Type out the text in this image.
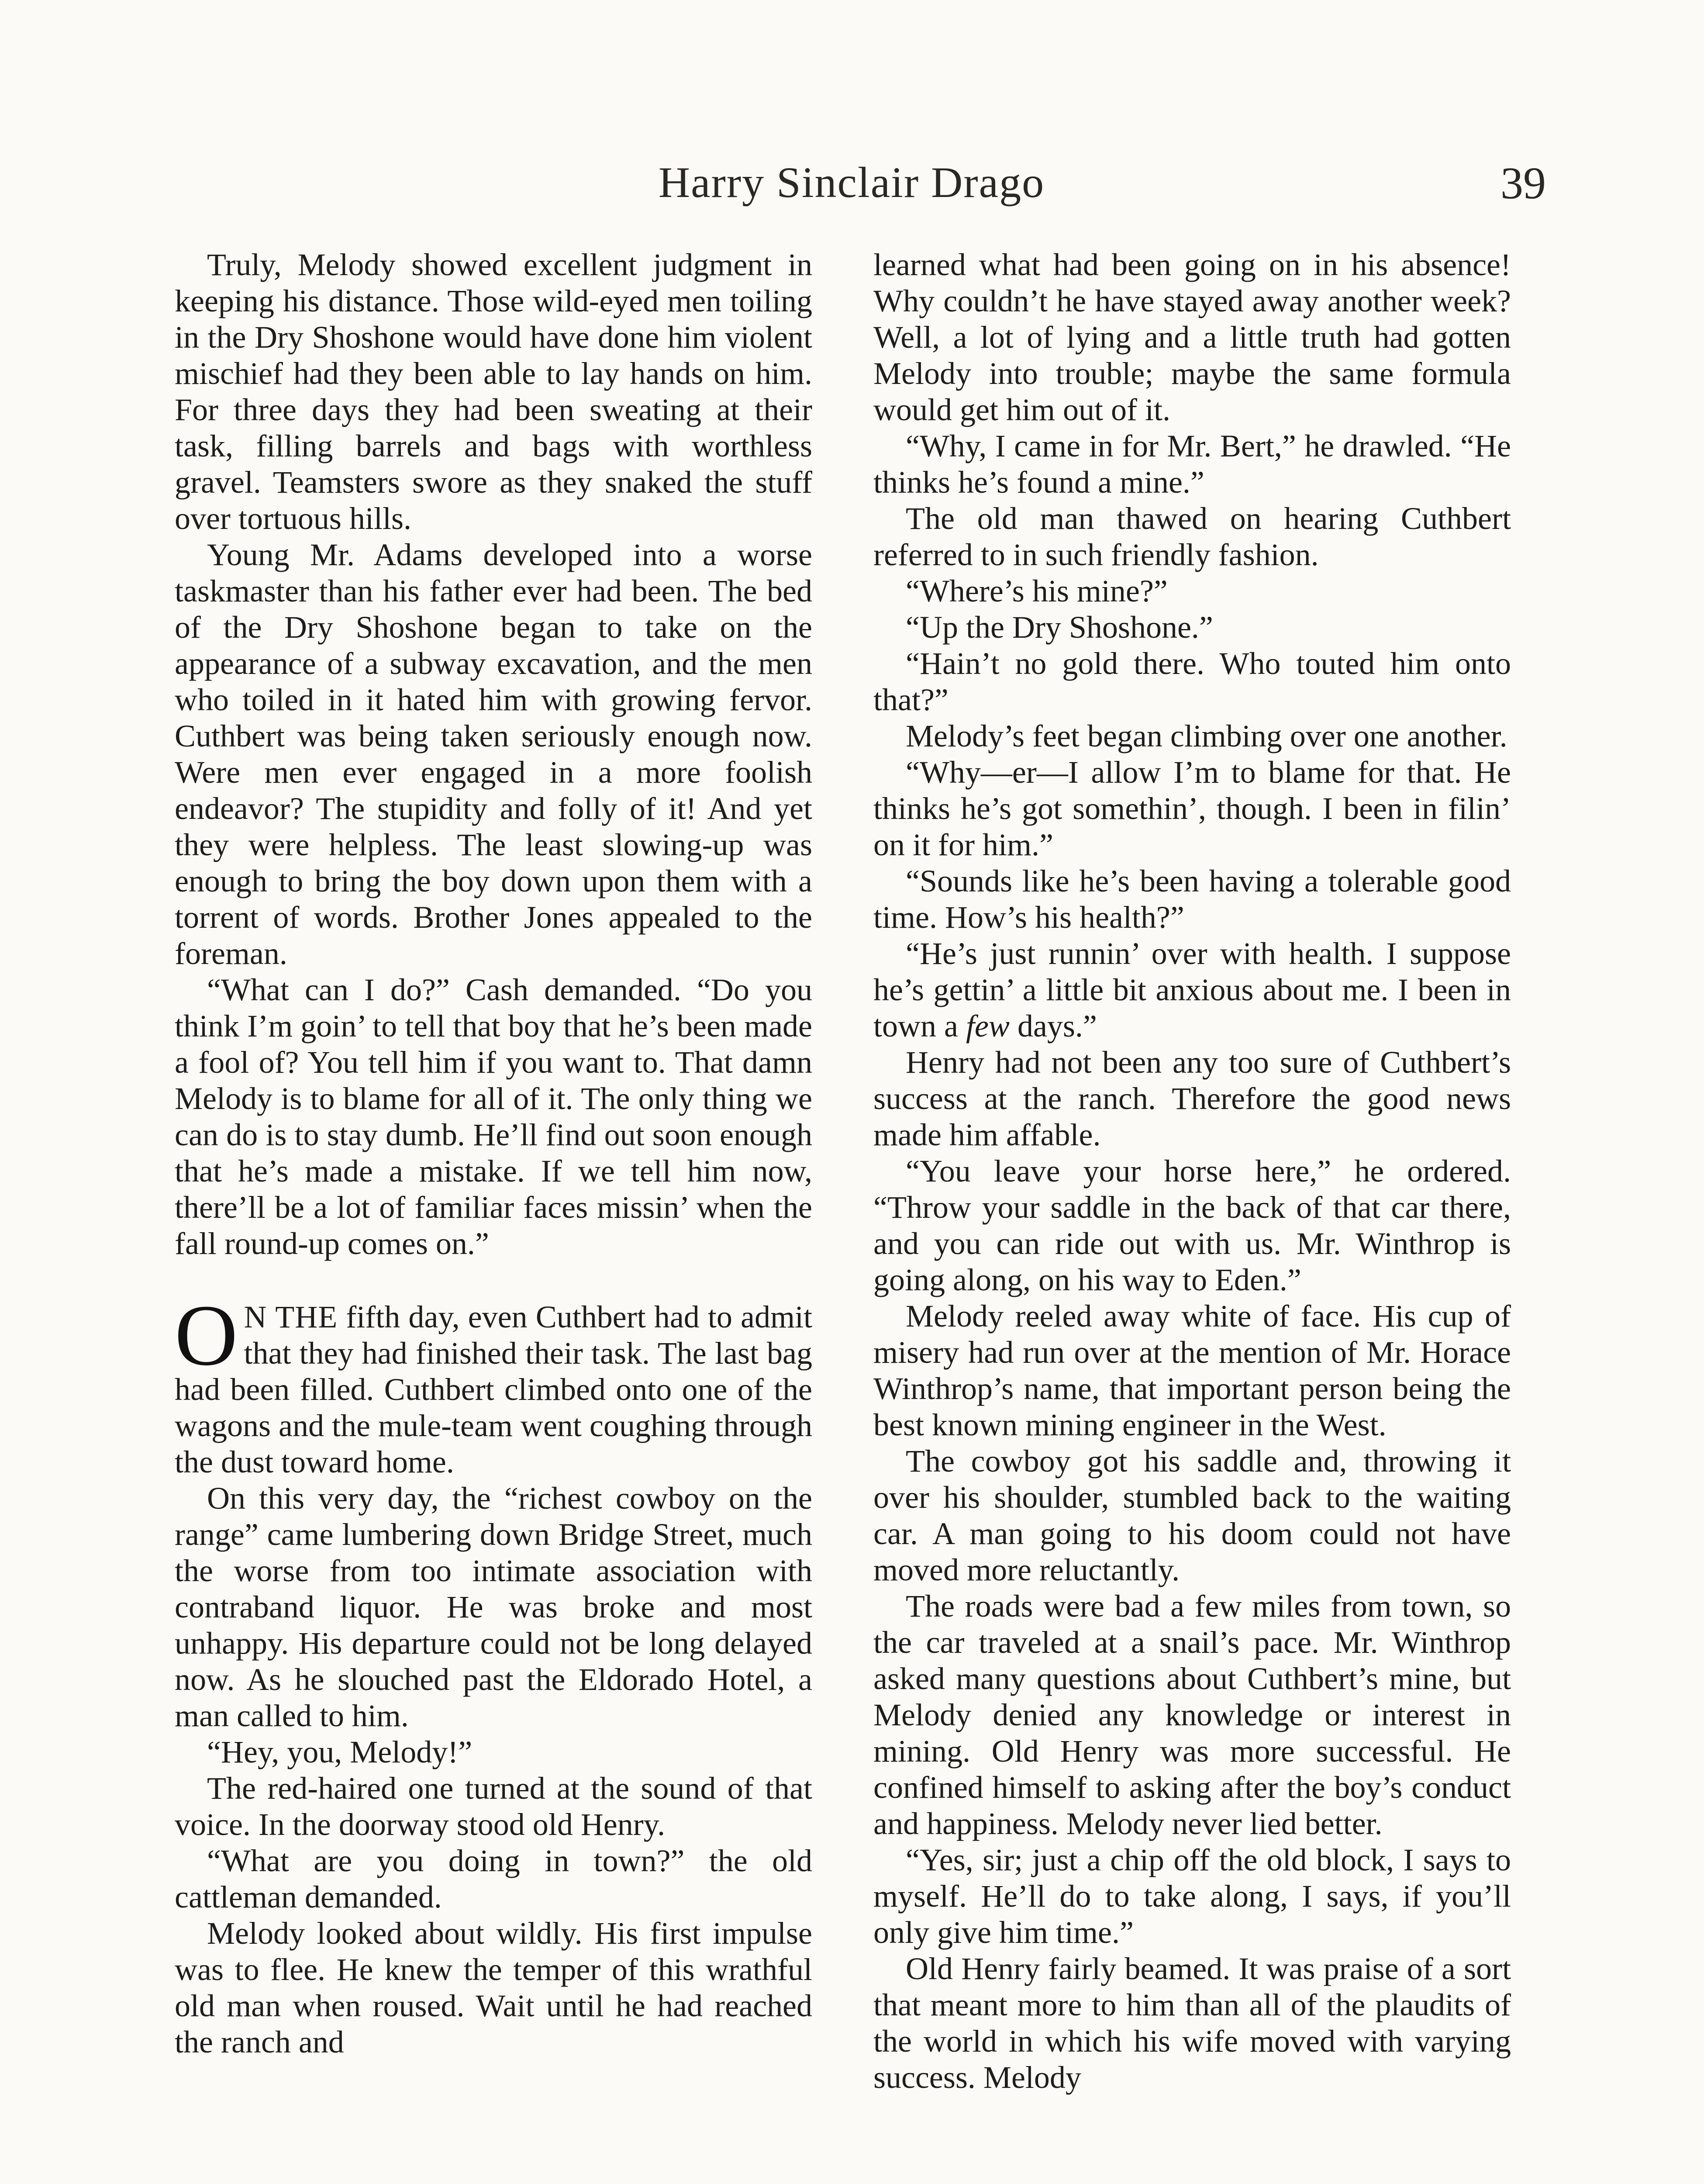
Harry Sinclair Drago	39

Truly, Melody showed excellent judgment in keeping his distance. Those wild-eyed men toiling in the Dry Shoshone would have done him violent mischief had they been able to lay hands on him. For three days they had been sweating at their task, filling barrels and bags with worthless gravel. Teamsters swore as they snaked the stuff over tortuous hills.

Young Mr. Adams developed into a worse taskmaster than his father ever had been. The bed of the Dry Shoshone began to take on the appearance of a subway excavation, and the men who toiled in it hated him with growing fervor. Cuthbert was being taken seriously enough now. Were men ever engaged in a more foolish endeavor? The stupidity and folly of it! And yet they were helpless. The least slowing-up was enough to bring the boy down upon them with a torrent of words. Brother Jones appealed to the foreman.

“What can I do?” Cash demanded. “Do you think I’m goin’ to tell that boy that he’s been made a fool of? You tell him if you want to. That damn Melody is to blame for all of it. The only thing we can do is to stay dumb. He’ll find out soon enough that he’s made a mistake. If we tell him now, there’ll be a lot of familiar faces missin’ when the fall round-up comes on.”

O N THE fifth day, even Cuthbert had to admit that they had finished their task. The last bag had been filled. Cuthbert climbed onto one of the wagons and the mule-team went coughing through the dust toward home.

On this very day, the “richest cowboy on the range” came lumbering down Bridge Street, much the worse from too intimate association with contraband liquor. He was broke and most unhappy. His departure could not be long delayed now. As he slouched past the Eldorado Hotel, a man called to him.

“Hey, you, Melody!”

The red-haired one turned at the sound of that voice. In the doorway stood old Henry.

“What are you doing in town?” the old cattleman demanded.

Melody looked about wildly. His first impulse was to flee. He knew the temper of this wrathful old man when roused. Wait until he had reached the ranch and

learned what had been going on in his absence! Why couldn’t he have stayed away another week? Well, a lot of lying and a little truth had gotten Melody into trouble; maybe the same formula would get him out of it.

“Why, I came in for Mr. Bert,” he drawled. “He thinks he’s found a mine.”

The old man thawed on hearing Cuthbert referred to in such friendly fashion.

“Where’s his mine?”

“Up the Dry Shoshone.”

“Hain’t no gold there. Who touted him onto that?”

Melody’s feet began climbing over one another.

“Why—er—I allow I’m to blame for that. He thinks he’s got somethin’, though. I been in filin’ on it for him.”

“Sounds like he’s been having a tolerable good time. How’s his health?”

“He’s just runnin’ over with health. I suppose he’s gettin’ a little bit anxious about me. I been in town a few days.”

Henry had not been any too sure of Cuthbert’s success at the ranch. Therefore the good news made him affable.

“You leave your horse here,” he ordered. “Throw your saddle in the back of that car there, and you can ride out with us. Mr. Winthrop is going along, on his way to Eden.”

Melody reeled away white of face. His cup of misery had run over at the mention of Mr. Horace Winthrop’s name, that important person being the best known mining engineer in the West.

The cowboy got his saddle and, throwing it over his shoulder, stumbled back to the waiting car. A man going to his doom could not have moved more reluctantly.

The roads were bad a few miles from town, so the car traveled at a snail’s pace. Mr. Winthrop asked many questions about Cuthbert’s mine, but Melody denied any knowledge or interest in mining. Old Henry was more successful. He confined himself to asking after the boy’s conduct and happiness. Melody never lied better.

“Yes, sir; just a chip off the old block, I says to myself. He’ll do to take along, I says, if you’ll only give him time.”

Old Henry fairly beamed. It was praise of a sort that meant more to him than all of the plaudits of the world in which his wife moved with varying success. Melody
